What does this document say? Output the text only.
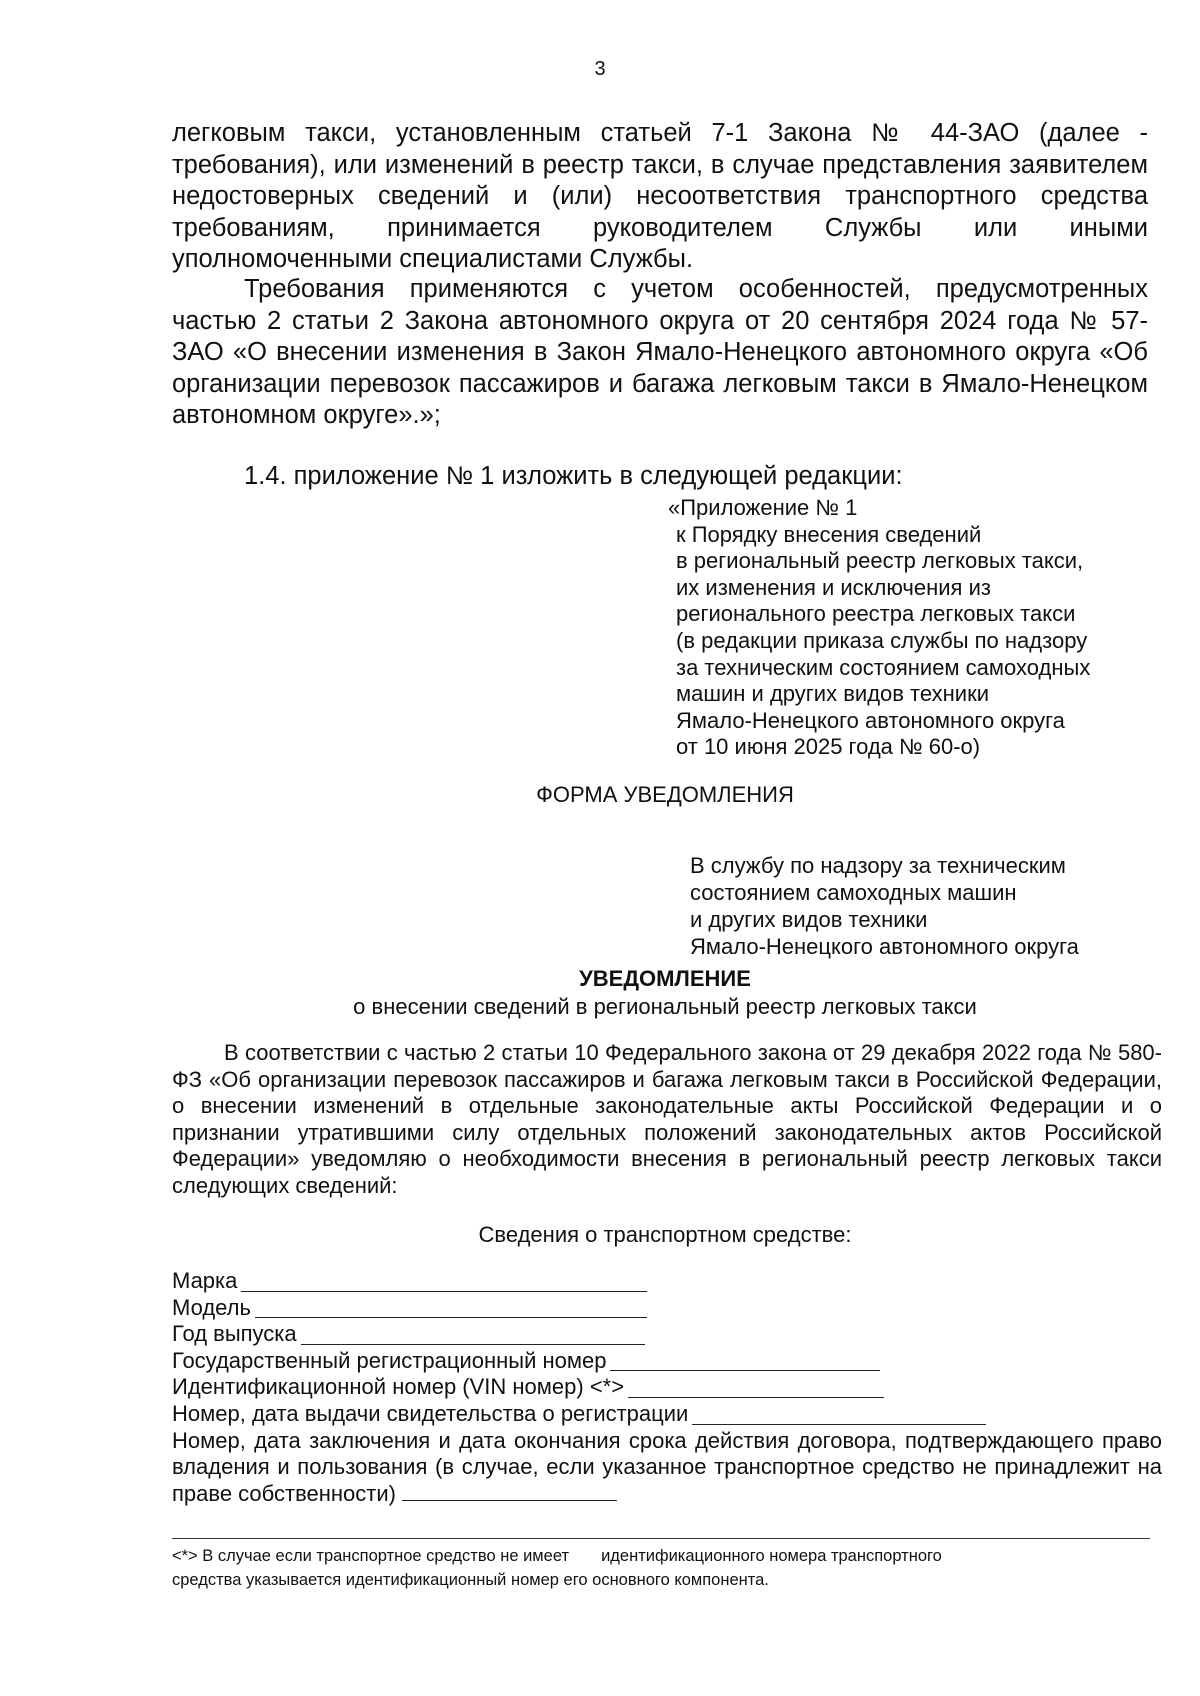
3

легковым такси, установленным статьей 7-1 Закона № 44-ЗАО (далее - требования), или изменений в реестр такси, в случае представления заявителем недостоверных сведений и (или) несоответствия транспортного средства требованиям, принимается руководителем Службы или иными уполномоченными специалистами Службы.

Требования применяются с учетом особенностей, предусмотренных частью 2 статьи 2 Закона автономного округа от 20 сентября 2024 года № 57-ЗАО «О внесении изменения в Закон Ямало-Ненецкого автономного округа «Об организации перевозок пассажиров и багажа легковым такси в Ямало-Ненецком автономном округе».»;

1.4. приложение № 1 изложить в следующей редакции:

«Приложение № 1
к Порядку внесения сведений
в региональный реестр легковых такси,
их изменения и исключения из
регионального реестра легковых такси
(в редакции приказа службы по надзору
за техническим состоянием самоходных
машин и других видов техники
Ямало-Ненецкого автономного округа
от 10 июня 2025 года № 60-о)
ФОРМА УВЕДОМЛЕНИЯ
В службу по надзору за техническим
состоянием самоходных машин
и других видов техники
Ямало-Ненецкого автономного округа
УВЕДОМЛЕНИЕ
о внесении сведений в региональный реестр легковых такси

В соответствии с частью 2 статьи 10 Федерального закона от 29 декабря 2022 года № 580-ФЗ «Об организации перевозок пассажиров и багажа легковым такси в Российской Федерации, о внесении изменений в отдельные законодательные акты Российской Федерации и о признании утратившими силу отдельных положений законодательных актов Российской Федерации» уведомляю о необходимости внесения в региональный реестр легковых такси следующих сведений:

Сведения о транспортном средстве:
Марка
Модель
Год выпуска
Государственный регистрационный номер
Идентификационной номер (VIN номер) <*>
Номер, дата выдачи свидетельства о регистрации

Номер, дата заключения и дата окончания срока действия договора, подтверждающего право владения и пользования (в случае, если указанное транспортное средство не принадлежит на праве собственности)

<*> В случае если транспортное средство не имеет       идентификационного номера транспортного
средства указывается идентификационный номер его основного компонента.
